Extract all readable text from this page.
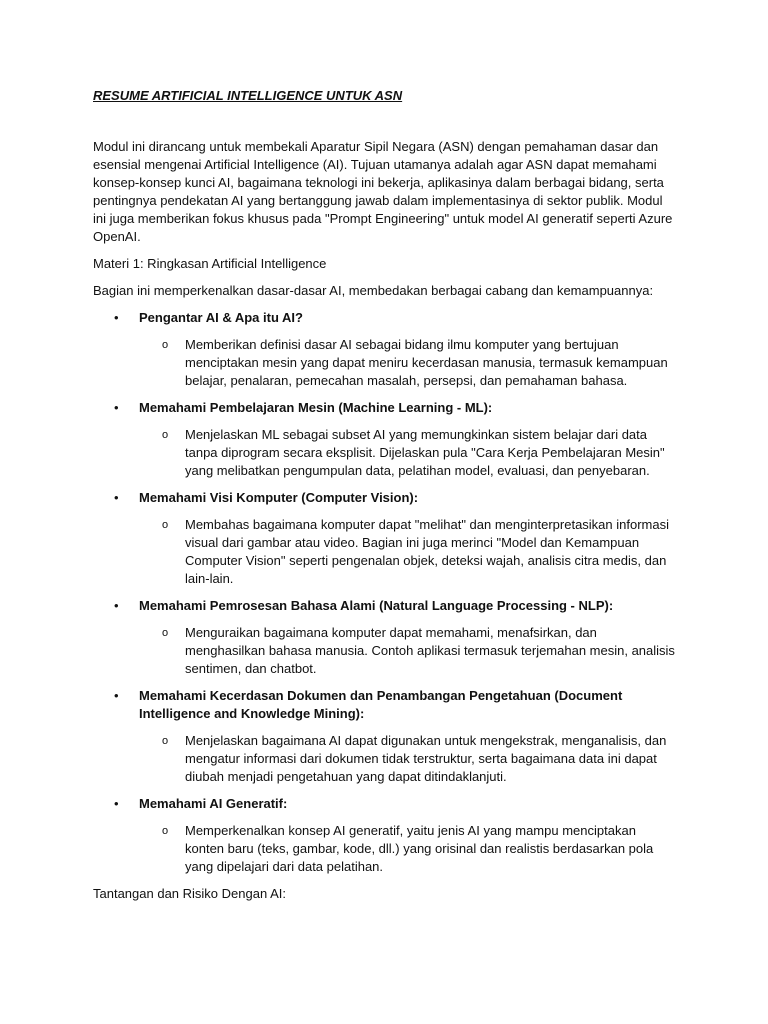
RESUME ARTIFICIAL INTELLIGENCE UNTUK ASN

Modul ini dirancang untuk membekali Aparatur Sipil Negara (ASN) dengan pemahaman dasar dan esensial mengenai Artificial Intelligence (AI). Tujuan utamanya adalah agar ASN dapat memahami konsep-konsep kunci AI, bagaimana teknologi ini bekerja, aplikasinya dalam berbagai bidang, serta pentingnya pendekatan AI yang bertanggung jawab dalam implementasinya di sektor publik. Modul ini juga memberikan fokus khusus pada "Prompt Engineering" untuk model AI generatif seperti Azure OpenAI.

Materi 1: Ringkasan Artificial Intelligence

Bagian ini memperkenalkan dasar-dasar AI, membedakan berbagai cabang dan kemampuannya:

• Pengantar AI & Apa itu AI?
o Memberikan definisi dasar AI sebagai bidang ilmu komputer yang bertujuan menciptakan mesin yang dapat meniru kecerdasan manusia, termasuk kemampuan belajar, penalaran, pemecahan masalah, persepsi, dan pemahaman bahasa.
• Memahami Pembelajaran Mesin (Machine Learning - ML):
o Menjelaskan ML sebagai subset AI yang memungkinkan sistem belajar dari data tanpa diprogram secara eksplisit. Dijelaskan pula "Cara Kerja Pembelajaran Mesin" yang melibatkan pengumpulan data, pelatihan model, evaluasi, dan penyebaran.
• Memahami Visi Komputer (Computer Vision):
o Membahas bagaimana komputer dapat "melihat" dan menginterpretasikan informasi visual dari gambar atau video. Bagian ini juga merinci "Model dan Kemampuan Computer Vision" seperti pengenalan objek, deteksi wajah, analisis citra medis, dan lain-lain.
• Memahami Pemrosesan Bahasa Alami (Natural Language Processing - NLP):
o Menguraikan bagaimana komputer dapat memahami, menafsirkan, dan menghasilkan bahasa manusia. Contoh aplikasi termasuk terjemahan mesin, analisis sentimen, dan chatbot.
• Memahami Kecerdasan Dokumen dan Penambangan Pengetahuan (Document Intelligence and Knowledge Mining):
o Menjelaskan bagaimana AI dapat digunakan untuk mengekstrak, menganalisis, dan mengatur informasi dari dokumen tidak terstruktur, serta bagaimana data ini dapat diubah menjadi pengetahuan yang dapat ditindaklanjuti.
• Memahami AI Generatif:
o Memperkenalkan konsep AI generatif, yaitu jenis AI yang mampu menciptakan konten baru (teks, gambar, kode, dll.) yang orisinal dan realistis berdasarkan pola yang dipelajari dari data pelatihan.

Tantangan dan Risiko Dengan AI:
